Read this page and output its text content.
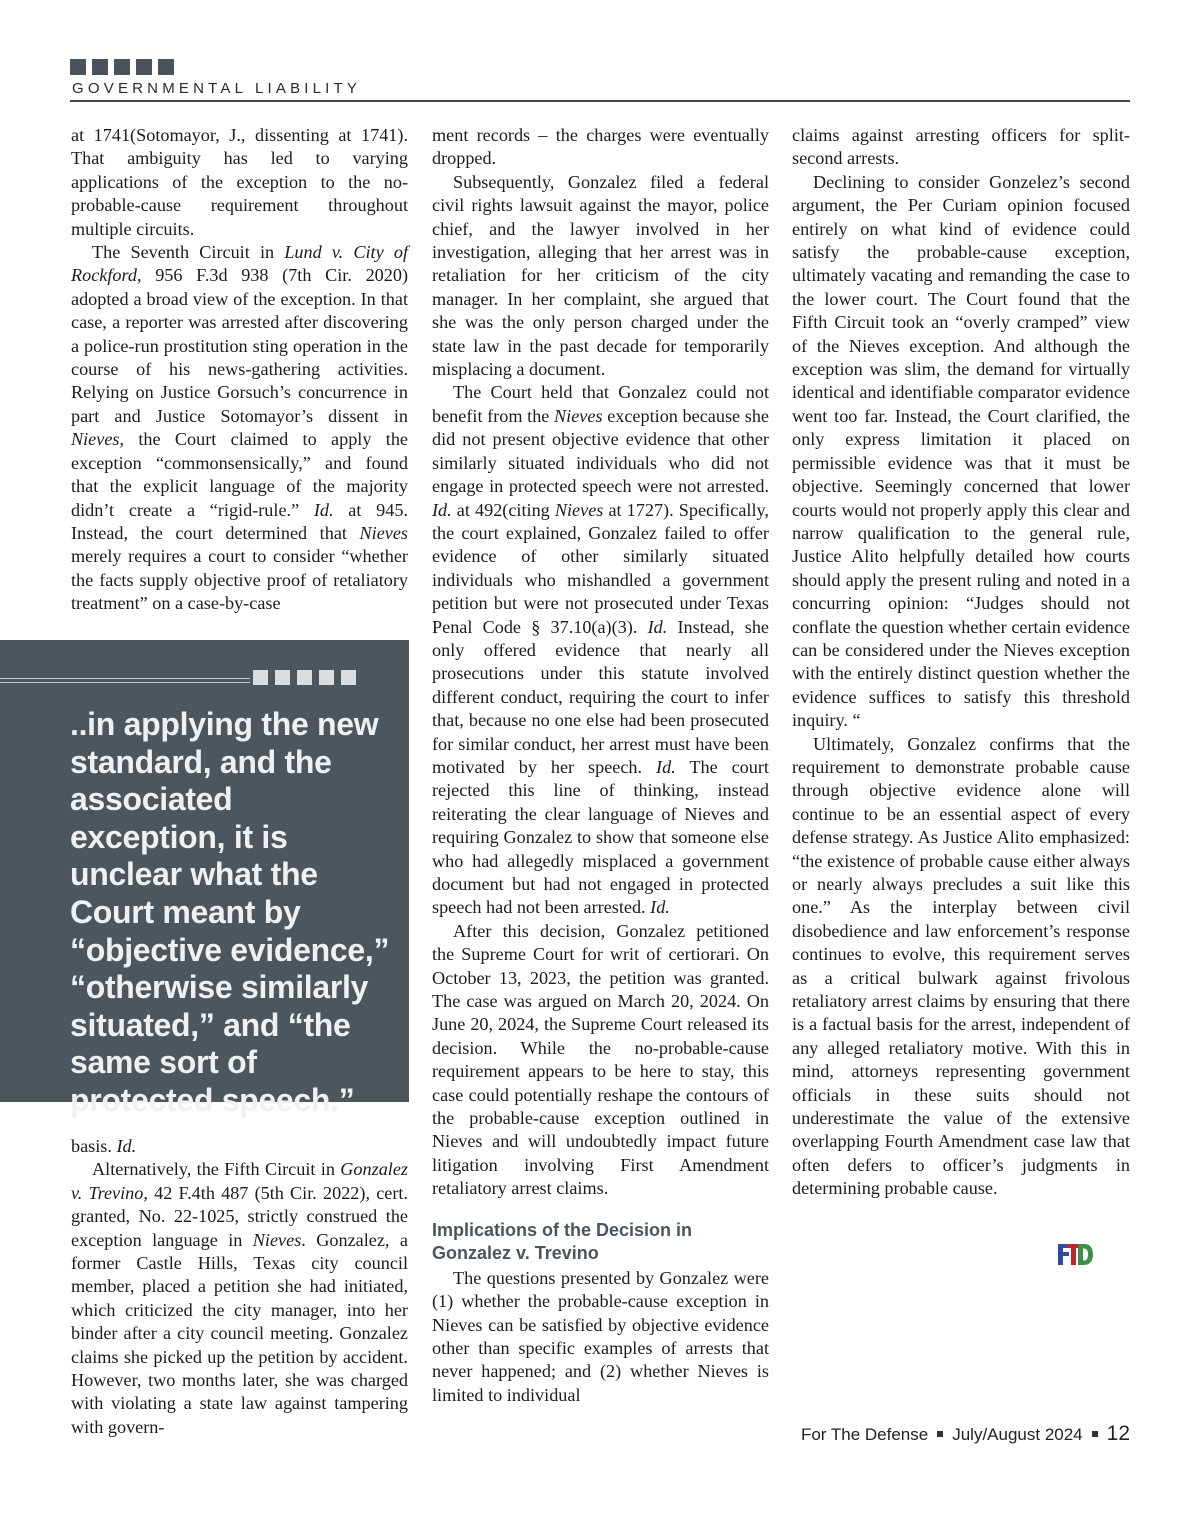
GOVERNMENTAL LIABILITY

at 1741(Sotomayor, J., dissenting at 1741). That ambiguity has led to varying applications of the exception to the no-probable-cause requirement throughout multiple circuits.

The Seventh Circuit in Lund v. City of Rockford, 956 F.3d 938 (7th Cir. 2020) adopted a broad view of the exception. In that case, a reporter was arrested after discovering a police-run prostitution sting operation in the course of his news-gathering activities. Relying on Justice Gorsuch’s concurrence in part and Justice Sotomayor’s dissent in Nieves, the Court claimed to apply the exception “commonsensically,” and found that the explicit language of the majority didn’t create a “rigid-rule.” Id. at 945. Instead, the court determined that Nieves merely requires a court to consider “whether the facts supply objective proof of retaliatory treatment” on a case-by-case

..in applying the new standard, and the associated exception, it is unclear what the Court meant by “objective evidence,” “otherwise similarly situated,” and “the same sort of protected speech.”

basis. Id.

Alternatively, the Fifth Circuit in Gonzalez v. Trevino, 42 F.4th 487 (5th Cir. 2022), cert. granted, No. 22-1025, strictly construed the exception language in Nieves. Gonzalez, a former Castle Hills, Texas city council member, placed a petition she had initiated, which criticized the city manager, into her binder after a city council meeting. Gonzalez claims she picked up the petition by accident. However, two months later, she was charged with violating a state law against tampering with govern-

ment records – the charges were eventually dropped.

Subsequently, Gonzalez filed a federal civil rights lawsuit against the mayor, police chief, and the lawyer involved in her investigation, alleging that her arrest was in retaliation for her criticism of the city manager. In her complaint, she argued that she was the only person charged under the state law in the past decade for temporarily misplacing a document.

The Court held that Gonzalez could not benefit from the Nieves exception because she did not present objective evidence that other similarly situated individuals who did not engage in protected speech were not arrested. Id. at 492(citing Nieves at 1727). Specifically, the court explained, Gonzalez failed to offer evidence of other similarly situated individuals who mishandled a government petition but were not prosecuted under Texas Penal Code § 37.10(a)(3). Id. Instead, she only offered evidence that nearly all prosecutions under this statute involved different conduct, requiring the court to infer that, because no one else had been prosecuted for similar conduct, her arrest must have been motivated by her speech. Id. The court rejected this line of thinking, instead reiterating the clear language of Nieves and requiring Gonzalez to show that someone else who had allegedly misplaced a government document but had not engaged in protected speech had not been arrested. Id.

After this decision, Gonzalez petitioned the Supreme Court for writ of certiorari. On October 13, 2023, the petition was granted. The case was argued on March 20, 2024. On June 20, 2024, the Supreme Court released its decision. While the no-probable-cause requirement appears to be here to stay, this case could potentially reshape the contours of the probable-cause exception outlined in Nieves and will undoubtedly impact future litigation involving First Amendment retaliatory arrest claims.

Implications of the Decision in Gonzalez v. Trevino

The questions presented by Gonzalez were (1) whether the probable-cause exception in Nieves can be satisfied by objective evidence other than specific examples of arrests that never happened; and (2) whether Nieves is limited to individual

claims against arresting officers for split-second arrests.

Declining to consider Gonzelez’s second argument, the Per Curiam opinion focused entirely on what kind of evidence could satisfy the probable-cause exception, ultimately vacating and remanding the case to the lower court. The Court found that the Fifth Circuit took an “overly cramped” view of the Nieves exception. And although the exception was slim, the demand for virtually identical and identifiable comparator evidence went too far. Instead, the Court clarified, the only express limitation it placed on permissible evidence was that it must be objective. Seemingly concerned that lower courts would not properly apply this clear and narrow qualification to the general rule, Justice Alito helpfully detailed how courts should apply the present ruling and noted in a concurring opinion: “Judges should not conflate the question whether certain evidence can be considered under the Nieves exception with the entirely distinct question whether the evidence suffices to satisfy this threshold inquiry. “

Ultimately, Gonzalez confirms that the requirement to demonstrate probable cause through objective evidence alone will continue to be an essential aspect of every defense strategy. As Justice Alito emphasized: “the existence of probable cause either always or nearly always precludes a suit like this one.” As the interplay between civil disobedience and law enforcement’s response continues to evolve, this requirement serves as a critical bulwark against frivolous retaliatory arrest claims by ensuring that there is a factual basis for the arrest, independent of any alleged retaliatory motive. With this in mind, attorneys representing government officials in these suits should not underestimate the value of the extensive overlapping Fourth Amendment case law that often defers to officer’s judgments in determining probable cause.

For The Defense July/August 2024 12
